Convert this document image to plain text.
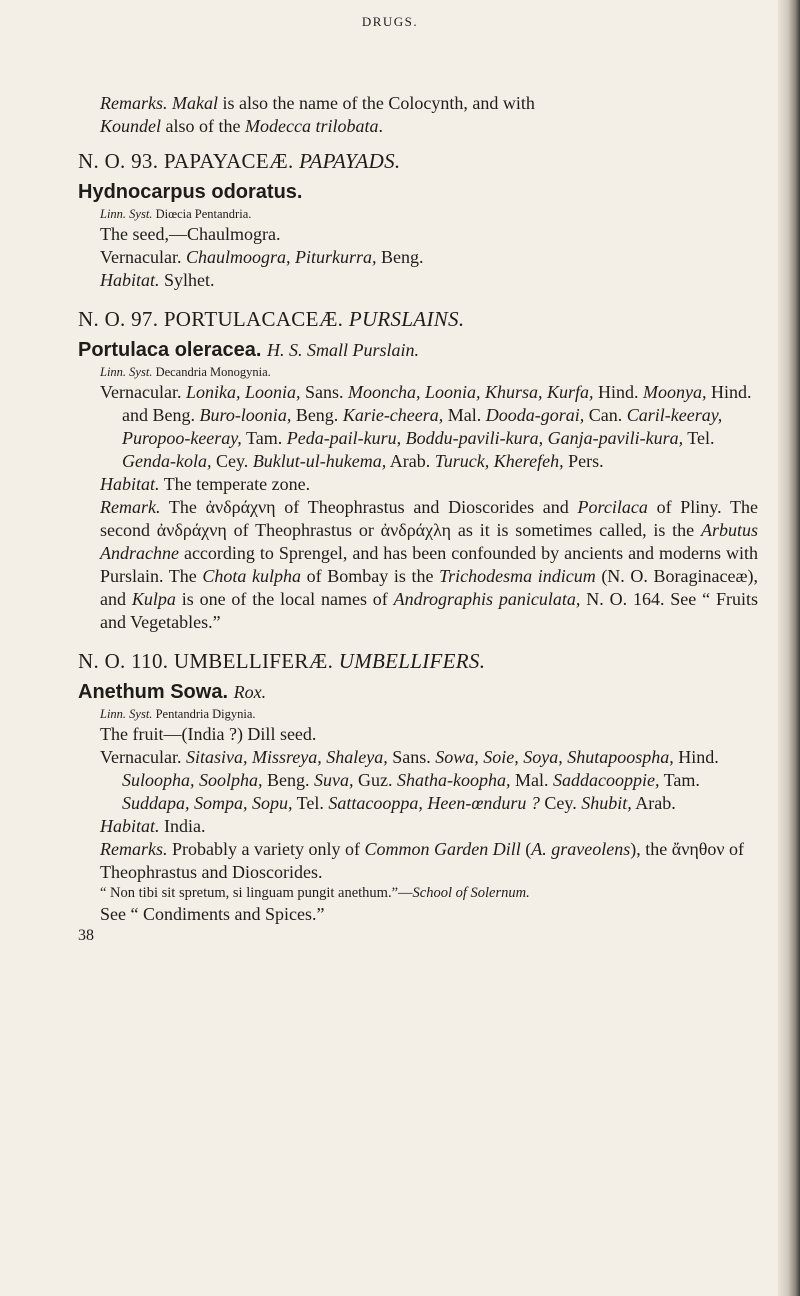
DRUGS.

Remarks. Makal is also the name of the Colocynth, and with
Koundel also of the Modecca trilobata.

N. O. 93. PAPAYACEÆ. PAPAYADS.
Hydnocarpus odoratus.

Linn. Syst. Diœcia Pentandria.

The seed,—Chaulmogra.

Vernacular. Chaulmoogra, Piturkurra, Beng.

Habitat. Sylhet.

N. O. 97. PORTULACACEÆ. PURSLAINS.
Portulaca oleracea. H. S. Small Purslain.

Linn. Syst. Decandria Monogynia.

Vernacular. Lonika, Loonia, Sans. Mooncha, Loonia, Khursa, Kurfa, Hind. Moonya, Hind. and Beng. Buro-loonia, Beng. Karie-cheera, Mal. Dooda-gorai, Can. Caril-keeray, Puropoo-keeray, Tam. Peda-pail-kuru, Boddu-pavili-kura, Ganja-pavili-kura, Tel. Genda-kola, Cey. Buklut-ul-hukema, Arab. Turuck, Kherefeh, Pers.

Habitat. The temperate zone.

Remark. The ἀνδράχνη of Theophrastus and Dioscorides and Porcilaca of Pliny. The second ἀνδράχνη of Theophrastus or ἀνδράχλη as it is sometimes called, is the Arbutus Andrachne according to Sprengel, and has been confounded by ancients and moderns with Purslain. The Chota kulpha of Bombay is the Trichodesma indicum (N. O. Boraginaceæ), and Kulpa is one of the local names of Andrographis paniculata, N. O. 164. See “ Fruits and Vegetables.”

N. O. 110. UMBELLIFERÆ. UMBELLIFERS.
Anethum Sowa. Rox.

Linn. Syst. Pentandria Digynia.

The fruit—(India ?) Dill seed.

Vernacular. Sitasiva, Missreya, Shaleya, Sans. Sowa, Soie, Soya, Shutapoospha, Hind. Suloopha, Soolpha, Beng. Suva, Guz. Shatha-koopha, Mal. Saddacooppie, Tam. Suddapa, Sompa, Sopu, Tel. Sattacooppa, Heen-œnduru ? Cey. Shubit, Arab.

Habitat. India.

Remarks. Probably a variety only of Common Garden Dill (A. graveolens), the ἄνηθον of Theophrastus and Dioscorides.

“ Non tibi sit spretum, si linguam pungit anethum.”—School of Solernum.

See “ Condiments and Spices.”

38
